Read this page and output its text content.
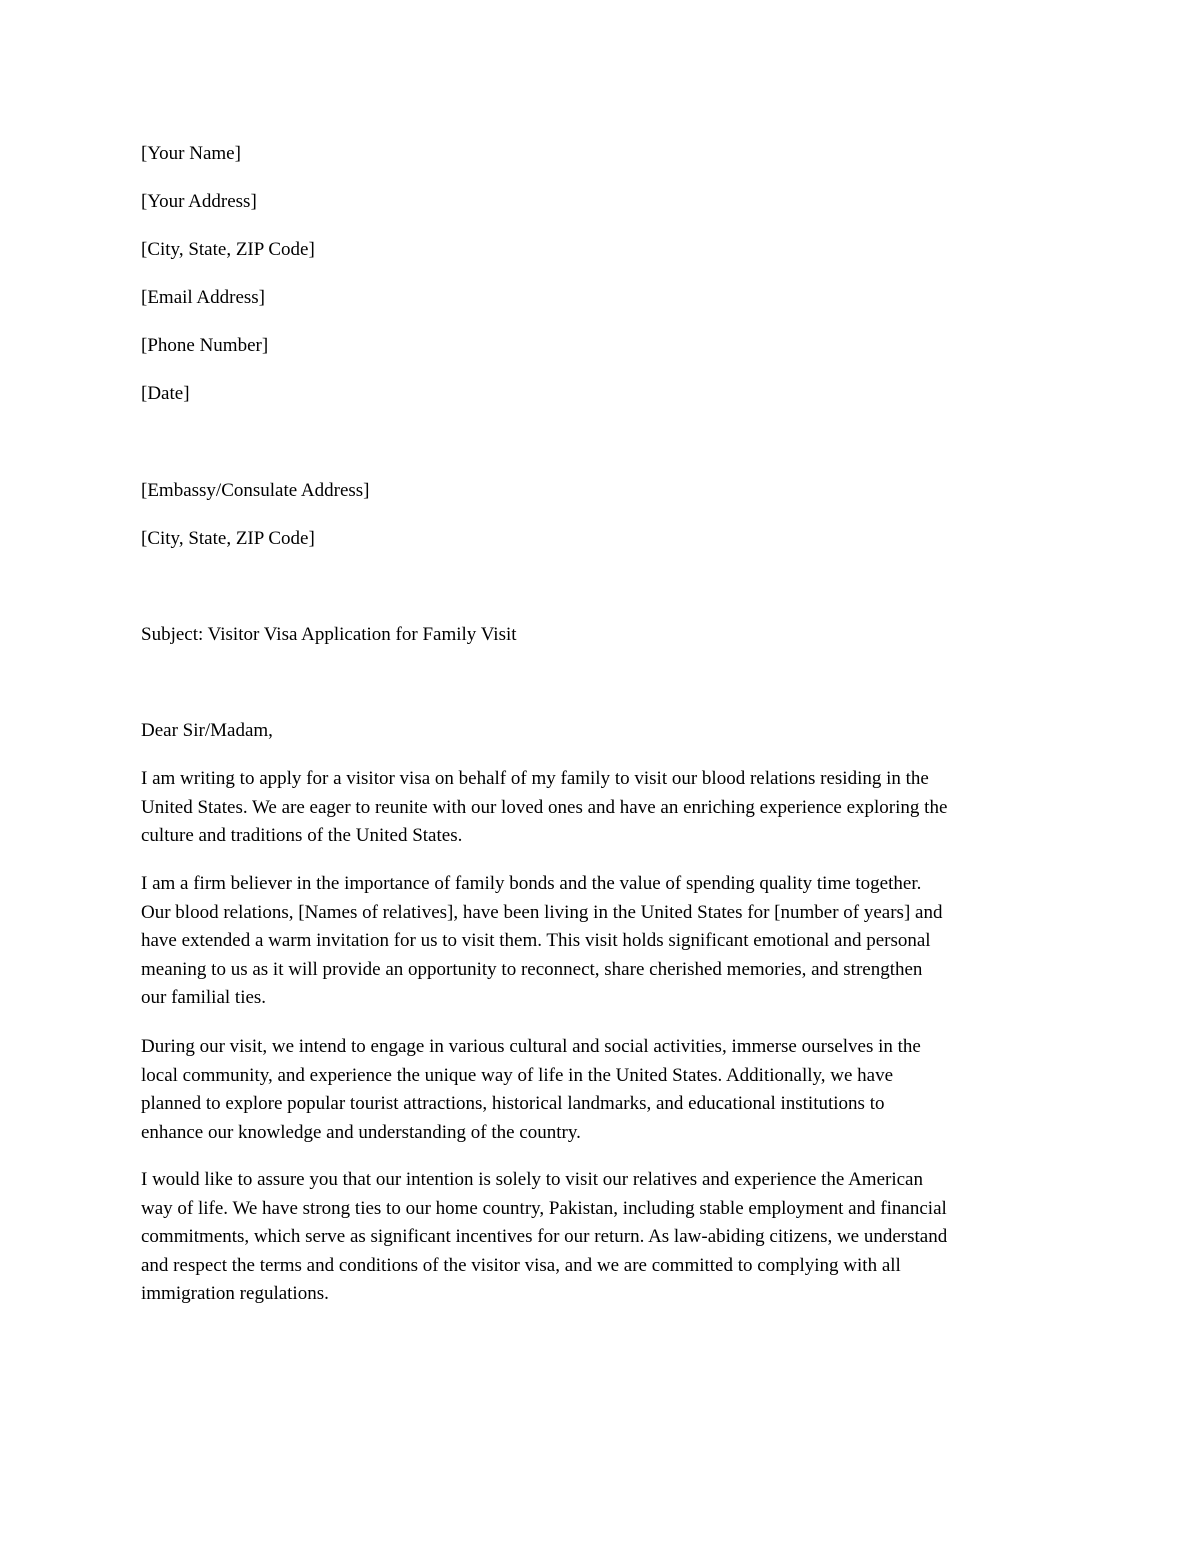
[Your Name]
[Your Address]
[City, State, ZIP Code]
[Email Address]
[Phone Number]
[Date]
[Embassy/Consulate Address]
[City, State, ZIP Code]
Subject: Visitor Visa Application for Family Visit
Dear Sir/Madam,
I am writing to apply for a visitor visa on behalf of my family to visit our blood relations residing in the
United States. We are eager to reunite with our loved ones and have an enriching experience exploring the
culture and traditions of the United States.
I am a firm believer in the importance of family bonds and the value of spending quality time together.
Our blood relations, [Names of relatives], have been living in the United States for [number of years] and
have extended a warm invitation for us to visit them. This visit holds significant emotional and personal
meaning to us as it will provide an opportunity to reconnect, share cherished memories, and strengthen
our familial ties.
During our visit, we intend to engage in various cultural and social activities, immerse ourselves in the
local community, and experience the unique way of life in the United States. Additionally, we have
planned to explore popular tourist attractions, historical landmarks, and educational institutions to
enhance our knowledge and understanding of the country.
I would like to assure you that our intention is solely to visit our relatives and experience the American
way of life. We have strong ties to our home country, Pakistan, including stable employment and financial
commitments, which serve as significant incentives for our return. As law-abiding citizens, we understand
and respect the terms and conditions of the visitor visa, and we are committed to complying with all
immigration regulations.
